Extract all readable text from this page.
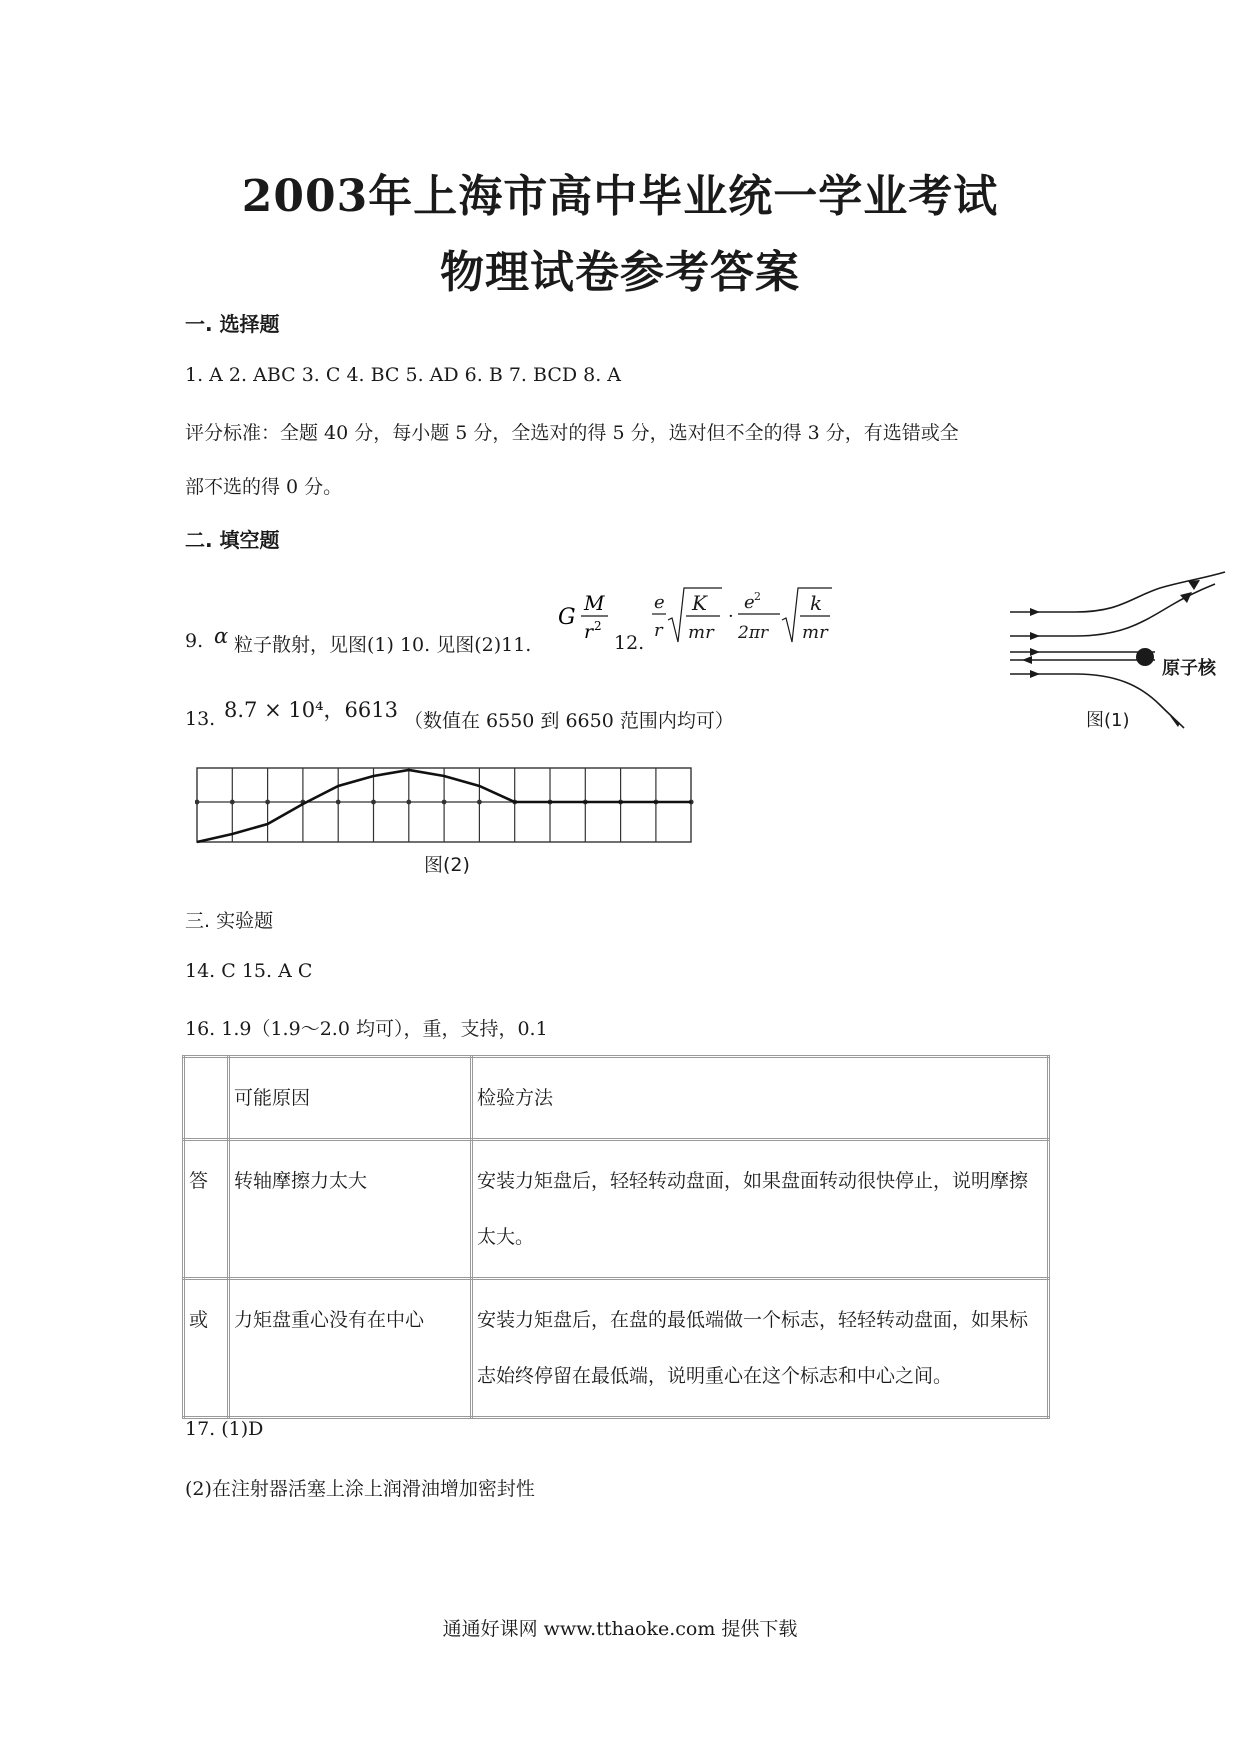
2003年上海市高中毕业统一学业考试
物理试卷参考答案
一. 选择题
1. A 2. ABC 3. C 4. BC 5. AD 6. B 7. BCD 8. A
评分标准：全题 40 分，每小题 5 分，全选对的得 5 分，选对但不全的得 3 分，有选错或全
部不选的得 0 分。
二. 填空题
9. α 粒子散射，见图(1) 10. 见图(2)11.
G
M
r 2
12.
e
r
K
mr
·
e 2
2πr
k
mr
13. 8.7 × 10⁴，6613 （数值在 6550 到 6650 范围内均可）
原子核
图(1)
图(2)
三. 实验题
14. C 15. A C
16. 1.9（1.9～2.0 均可），重，支持，0.1
	可能原因	检验方法
答	转轴摩擦力太大	安装力矩盘后，轻轻转动盘面，如果盘面转动很快停止，说明摩擦太大。
或	力矩盘重心没有在中心	安装力矩盘后，在盘的最低端做一个标志，轻轻转动盘面，如果标志始终停留在最低端，说明重心在这个标志和中心之间。
17. (1)D
(2)在注射器活塞上涂上润滑油增加密封性
通通好课网 www.tthaoke.com 提供下载
